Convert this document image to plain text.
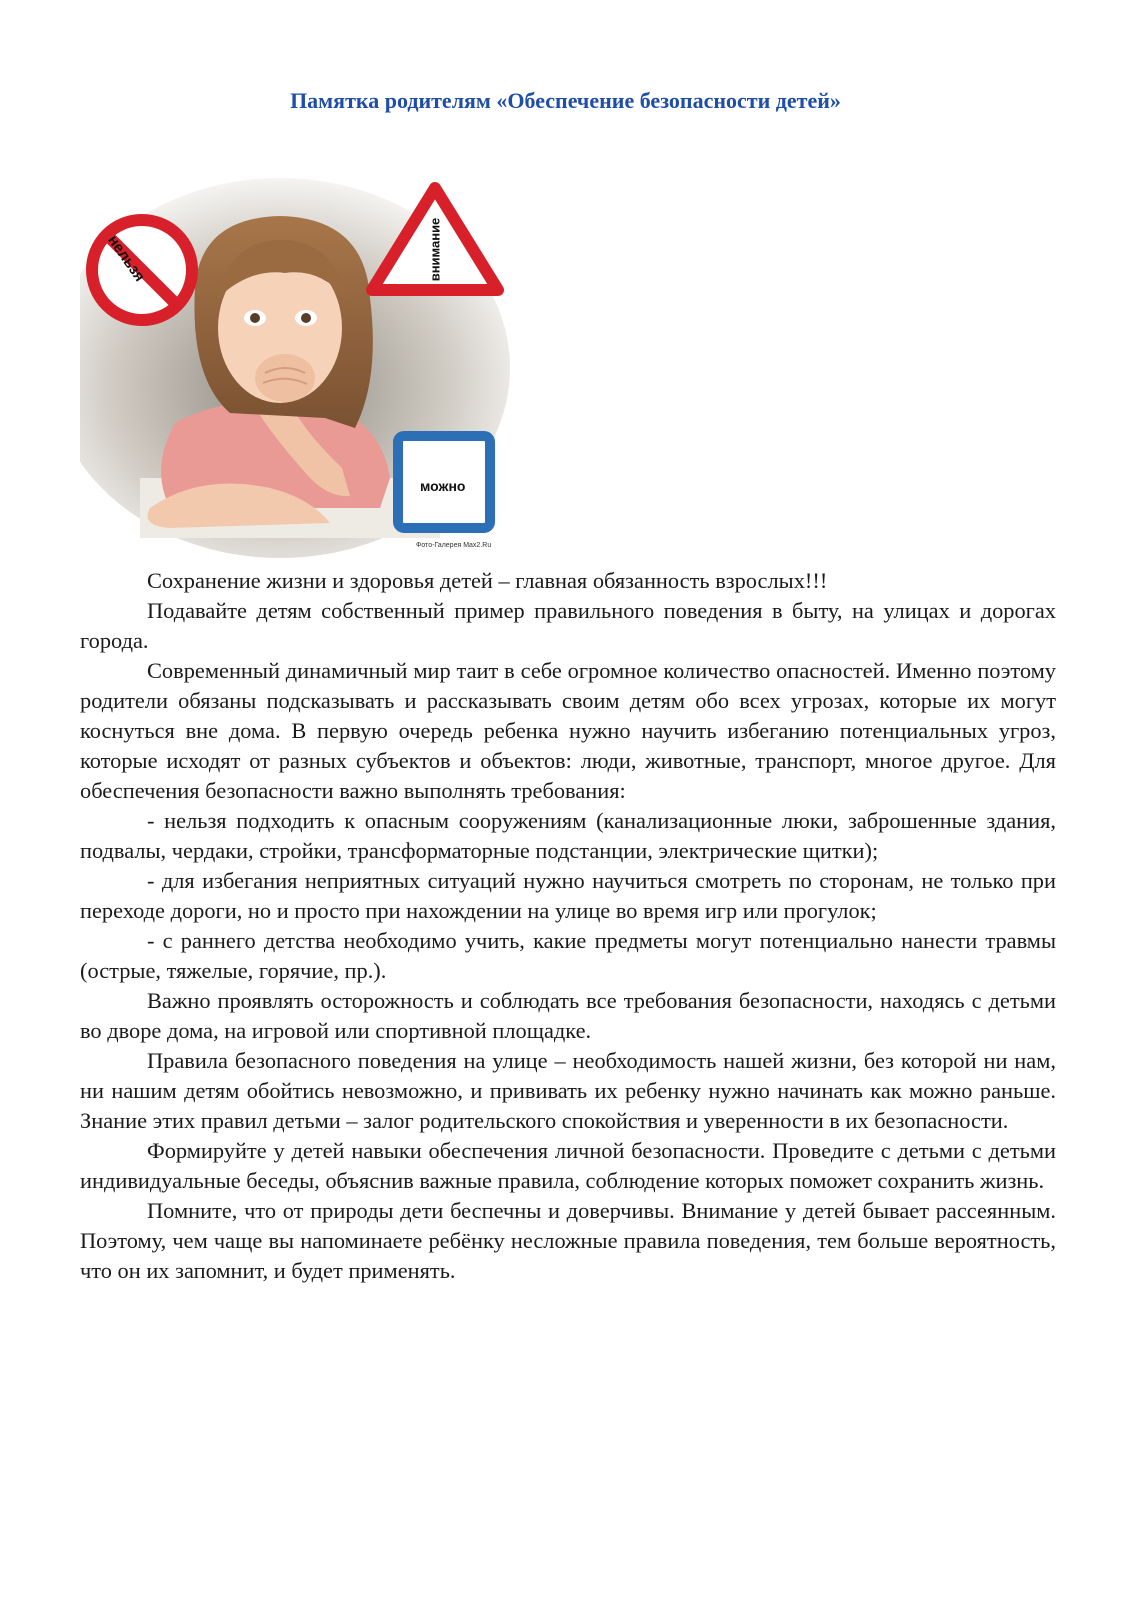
Памятка родителям «Обеспечение безопасности детей»
нельзя	внимание
можно
Фото-Галерея Max2.Ru

Сохранение жизни и здоровья детей – главная обязанность взрослых!!!

Подавайте детям собственный пример правильного поведения в быту, на улицах и дорогах города.

Современный динамичный мир таит в себе огромное количество опасностей. Именно поэтому родители обязаны подсказывать и рассказывать своим детям обо всех угрозах, которые их могут коснуться вне дома. В первую очередь ребенка нужно научить избеганию потенциальных угроз, которые исходят от разных субъектов и объектов: люди, животные, транспорт, многое другое. Для обеспечения безопасности важно выполнять требования:

- нельзя подходить к опасным сооружениям (канализационные люки, заброшенные здания, подвалы, чердаки, стройки, трансформаторные подстанции, электрические щитки);

- для избегания неприятных ситуаций нужно научиться смотреть по сторонам, не только при переходе дороги, но и просто при нахождении на улице во время игр или прогулок;

- с раннего детства необходимо учить, какие предметы могут потенциально нанести травмы (острые, тяжелые, горячие, пр.).

Важно проявлять осторожность и соблюдать все требования безопасности, находясь с детьми во дворе дома, на игровой или спортивной площадке.

Правила безопасного поведения на улице – необходимость нашей жизни, без которой ни нам, ни нашим детям обойтись невозможно, и прививать их ребенку нужно начинать как можно раньше. Знание этих правил детьми – залог родительского спокойствия и уверенности в их безопасности.

Формируйте у детей навыки обеспечения личной безопасности. Проведите с детьми с детьми индивидуальные беседы, объяснив важные правила, соблюдение которых поможет сохранить жизнь.

Помните, что от природы дети беспечны и доверчивы. Внимание у детей бывает рассеянным. Поэтому, чем чаще вы напоминаете ребёнку несложные правила поведения, тем больше вероятность, что он их запомнит, и будет применять.
